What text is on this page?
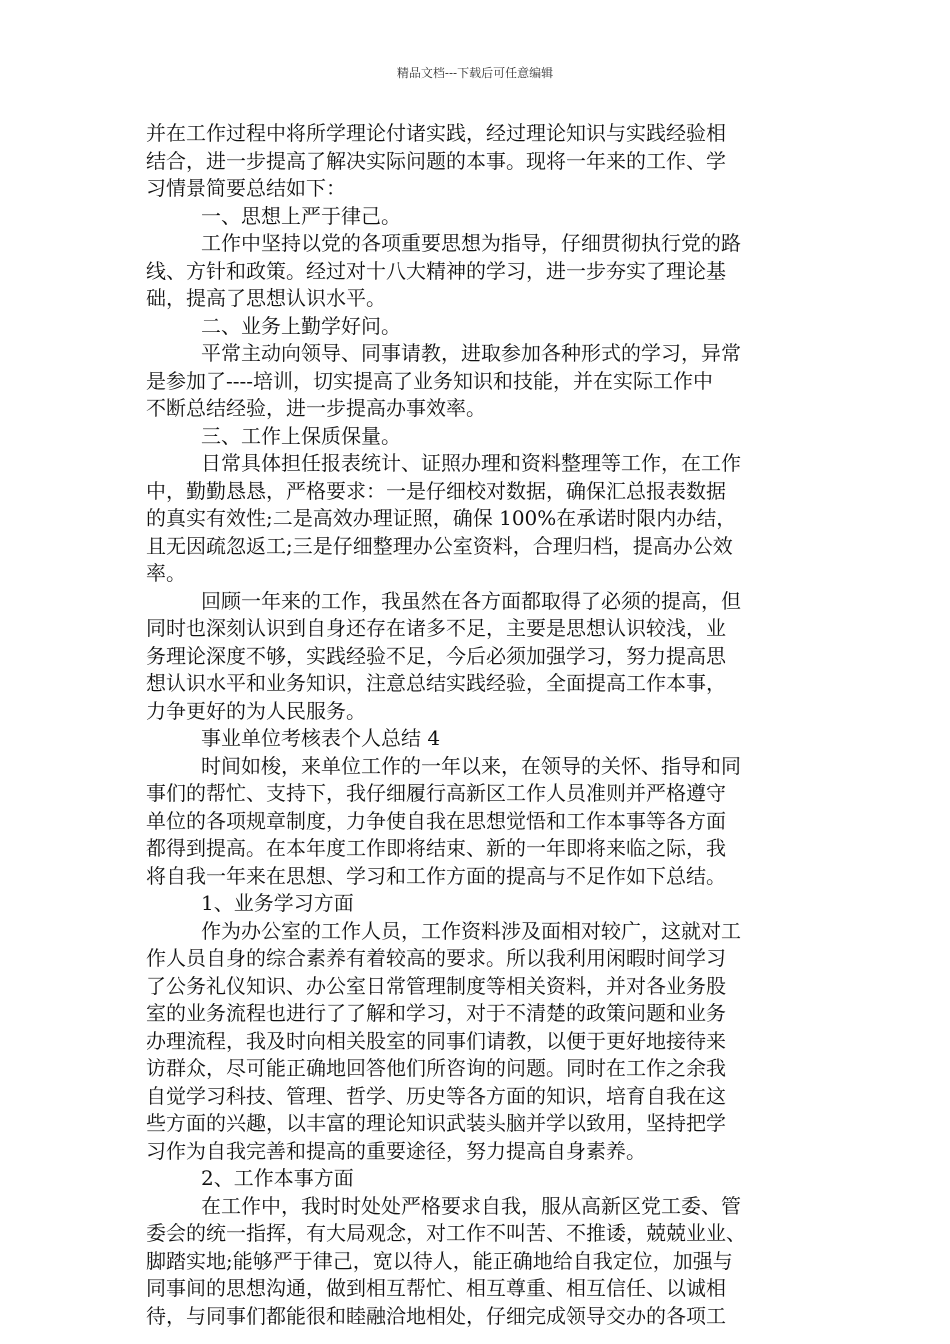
精品文档---下载后可任意编辑
并在工作过程中将所学理论付诸实践，经过理论知识与实践经验相
结合，进一步提高了解决实际问题的本事。现将一年来的工作、学
习情景简要总结如下：
一、思想上严于律己。
工作中坚持以党的各项重要思想为指导，仔细贯彻执行党的路
线、方针和政策。经过对十八大精神的学习，进一步夯实了理论基
础，提高了思想认识水平。
二、业务上勤学好问。
平常主动向领导、同事请教，进取参加各种形式的学习，异常
是参加了----培训，切实提高了业务知识和技能，并在实际工作中
不断总结经验，进一步提高办事效率。
三、工作上保质保量。
日常具体担任报表统计、证照办理和资料整理等工作，在工作
中，勤勤恳恳，严格要求：一是仔细校对数据，确保汇总报表数据
的真实有效性;二是高效办理证照，确保 100%在承诺时限内办结，
且无因疏忽返工;三是仔细整理办公室资料，合理归档，提高办公效
率。
回顾一年来的工作，我虽然在各方面都取得了必须的提高，但
同时也深刻认识到自身还存在诸多不足，主要是思想认识较浅，业
务理论深度不够，实践经验不足，今后必须加强学习，努力提高思
想认识水平和业务知识，注意总结实践经验，全面提高工作本事，
力争更好的为人民服务。
事业单位考核表个人总结 4
时间如梭，来单位工作的一年以来，在领导的关怀、指导和同
事们的帮忙、支持下，我仔细履行高新区工作人员准则并严格遵守
单位的各项规章制度，力争使自我在思想觉悟和工作本事等各方面
都得到提高。在本年度工作即将结束、新的一年即将来临之际，我
将自我一年来在思想、学习和工作方面的提高与不足作如下总结。
1、业务学习方面
作为办公室的工作人员，工作资料涉及面相对较广，这就对工
作人员自身的综合素养有着较高的要求。所以我利用闲暇时间学习
了公务礼仪知识、办公室日常管理制度等相关资料，并对各业务股
室的业务流程也进行了了解和学习，对于不清楚的政策问题和业务
办理流程，我及时向相关股室的同事们请教，以便于更好地接待来
访群众，尽可能正确地回答他们所咨询的问题。同时在工作之余我
自觉学习科技、管理、哲学、历史等各方面的知识，培育自我在这
些方面的兴趣，以丰富的理论知识武装头脑并学以致用，坚持把学
习作为自我完善和提高的重要途径，努力提高自身素养。
2、工作本事方面
在工作中，我时时处处严格要求自我，服从高新区党工委、管
委会的统一指挥，有大局观念，对工作不叫苦、不推诿，兢兢业业、
脚踏实地;能够严于律己，宽以待人，能正确地给自我定位，加强与
同事间的思想沟通，做到相互帮忙、相互尊重、相互信任、以诚相
待，与同事们都能很和睦融洽地相处，仔细完成领导交办的各项工
